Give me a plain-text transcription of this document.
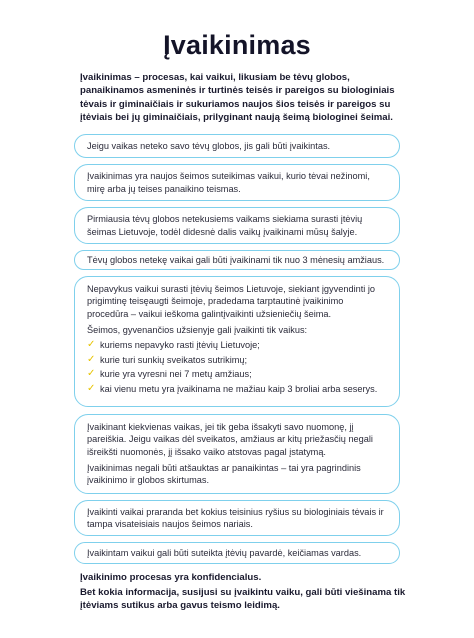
Įvaikinimas

Įvaikinimas – procesas, kai vaikui, likusiam be tėvų globos, panaikinamos asmeninės ir turtinės teisės ir pareigos su biologiniais tėvais ir giminaičiais ir sukuriamos naujos šios teisės ir pareigos su įtėviais bei jų giminaičiais, prilyginant naują šeimą biologinei šeimai.

Jeigu vaikas neteko savo tėvų globos, jis gali būti įvaikintas.

Įvaikinimas yra naujos šeimos suteikimas vaikui, kurio tėvai nežinomi, mirę arba jų teises panaikino teismas.

Pirmiausia tėvų globos netekusiems vaikams siekiama surasti įtėvių šeimas Lietuvoje, todėl didesnė dalis vaikų įvaikinami mūsų šalyje.

Tėvų globos netekę vaikai gali būti įvaikinami tik nuo 3 mėnesių amžiaus.

Nepavykus vaikui surasti įtėvių šeimos Lietuvoje, siekiant įgyvendinti jo prigimtinę teisęaugti šeimoje, pradedama tarptautinė įvaikinimo procedūra – vaikui ieškoma galintįvaikinti užsieniečių šeima.

Šeimos, gyvenančios užsienyje gali įvaikinti tik vaikus:

✓ kuriems nepavyko rasti įtėvių Lietuvoje;
✓ kurie turi sunkių sveikatos sutrikimų;
✓ kurie yra vyresni nei 7 metų amžiaus;
✓ kai vienu metu yra įvaikinama ne mažiau kaip 3 broliai arba seserys.

Įvaikinant kiekvienas vaikas, jei tik geba išsakyti savo nuomonę, jį pareiškia. Jeigu vaikas dėl sveikatos, amžiaus ar kitų priežasčių negali išreikšti nuomonės, jį išsako vaiko atstovas pagal įstatymą.

Įvaikinimas negali būti atšauktas ar panaikintas – tai yra pagrindinis įvaikinimo ir globos skirtumas.

Įvaikinti vaikai praranda bet kokius teisinius ryšius su biologiniais tėvais ir tampa visateisiais naujos šeimos nariais.

Įvaikintam vaikui gali būti suteikta įtėvių pavardė, keičiamas vardas.

Įvaikinimo procesas yra konfidencialus.

Bet kokia informacija, susijusi su įvaikintu vaiku, gali būti viešinama tik įtėviams sutikus arba gavus teismo leidimą.
